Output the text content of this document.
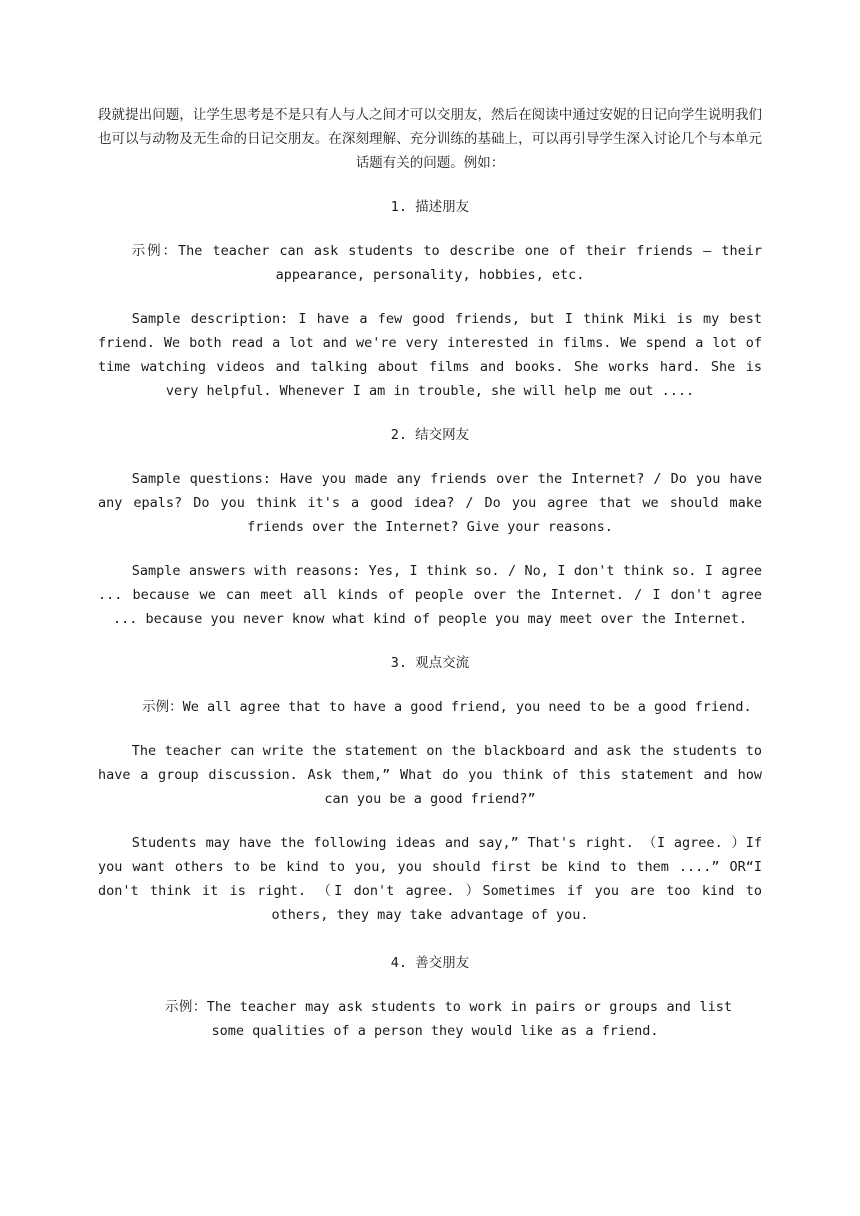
段就提出问题，让学生思考是不是只有人与人之间才可以交朋友，然后在阅读中通过安妮的日记向学生说明我们也可以与动物及无生命的日记交朋友。在深刻理解、充分训练的基础上，可以再引导学生深入讨论几个与本单元话题有关的问题。例如：

1. 描述朋友

示例：The teacher can ask students to describe one of their friends — their appearance, personality, hobbies, etc.

Sample description: I have a few good friends, but I think Miki is my best friend. We both read a lot and we're very interested in films. We spend a lot of time watching videos and talking about films and books. She works hard. She is very helpful. Whenever I am in trouble, she will help me out ....

2. 结交网友

Sample questions: Have you made any friends over the Internet? / Do you have any epals? Do you think it's a good idea? / Do you agree that we should make friends over the Internet? Give your reasons.

Sample answers with reasons: Yes, I think so. / No, I don't think so. I agree ... because we can meet all kinds of people over the Internet. / I don't agree ... because you never know what kind of people you may meet over the Internet.

3. 观点交流

示例：We all agree that to have a good friend, you need to be a good friend.

The teacher can write the statement on the blackboard and ask the students to have a group discussion. Ask them,” What do you think of this statement and how can you be a good friend?”

Students may have the following ideas and say,” That's right. （I agree. ）If you want others to be kind to you, you should first be kind to them ....” OR“I don't think it is right. （I don't agree. ）Sometimes if you are too kind to others, they may take advantage of you.

4. 善交朋友

示例：The teacher may ask students to work in pairs or groups and list some qualities of a person they would like as a friend.
